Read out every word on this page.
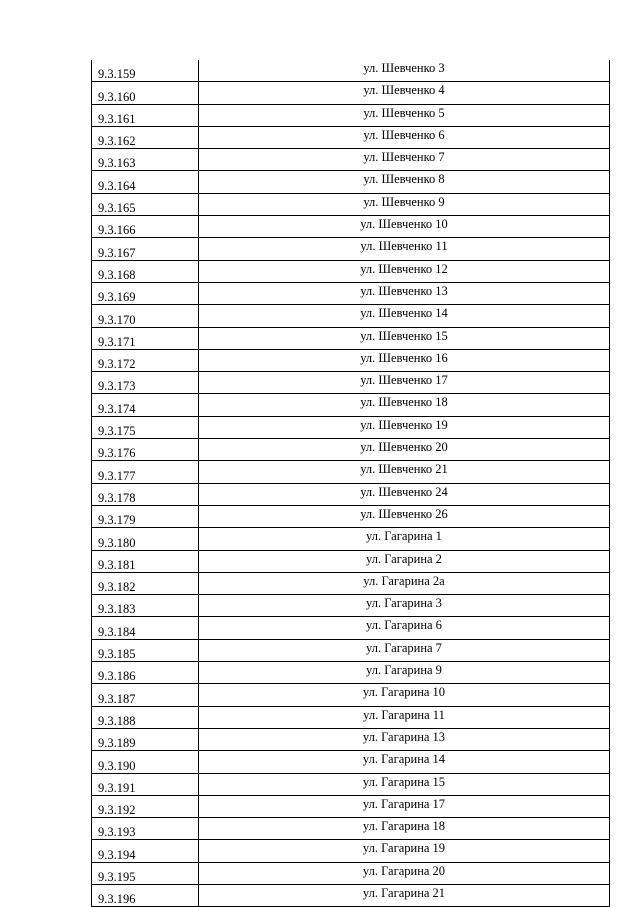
9.3.159	ул. Шевченко 3
9.3.160	ул. Шевченко 4
9.3.161	ул. Шевченко 5
9.3.162	ул. Шевченко 6
9.3.163	ул. Шевченко 7
9.3.164	ул. Шевченко 8
9.3.165	ул. Шевченко 9
9.3.166	ул. Шевченко 10
9.3.167	ул. Шевченко 11
9.3.168	ул. Шевченко 12
9.3.169	ул. Шевченко 13
9.3.170	ул. Шевченко 14
9.3.171	ул. Шевченко 15
9.3.172	ул. Шевченко 16
9.3.173	ул. Шевченко 17
9.3.174	ул. Шевченко 18
9.3.175	ул. Шевченко 19
9.3.176	ул. Шевченко 20
9.3.177	ул. Шевченко 21
9.3.178	ул. Шевченко 24
9.3.179	ул. Шевченко 26
9.3.180	ул. Гагарина 1
9.3.181	ул. Гагарина 2
9.3.182	ул. Гагарина 2а
9.3.183	ул. Гагарина 3
9.3.184	ул. Гагарина 6
9.3.185	ул. Гагарина 7
9.3.186	ул. Гагарина 9
9.3.187	ул. Гагарина 10
9.3.188	ул. Гагарина 11
9.3.189	ул. Гагарина 13
9.3.190	ул. Гагарина 14
9.3.191	ул. Гагарина 15
9.3.192	ул. Гагарина 17
9.3.193	ул. Гагарина 18
9.3.194	ул. Гагарина 19
9.3.195	ул. Гагарина 20
9.3.196	ул. Гагарина 21
